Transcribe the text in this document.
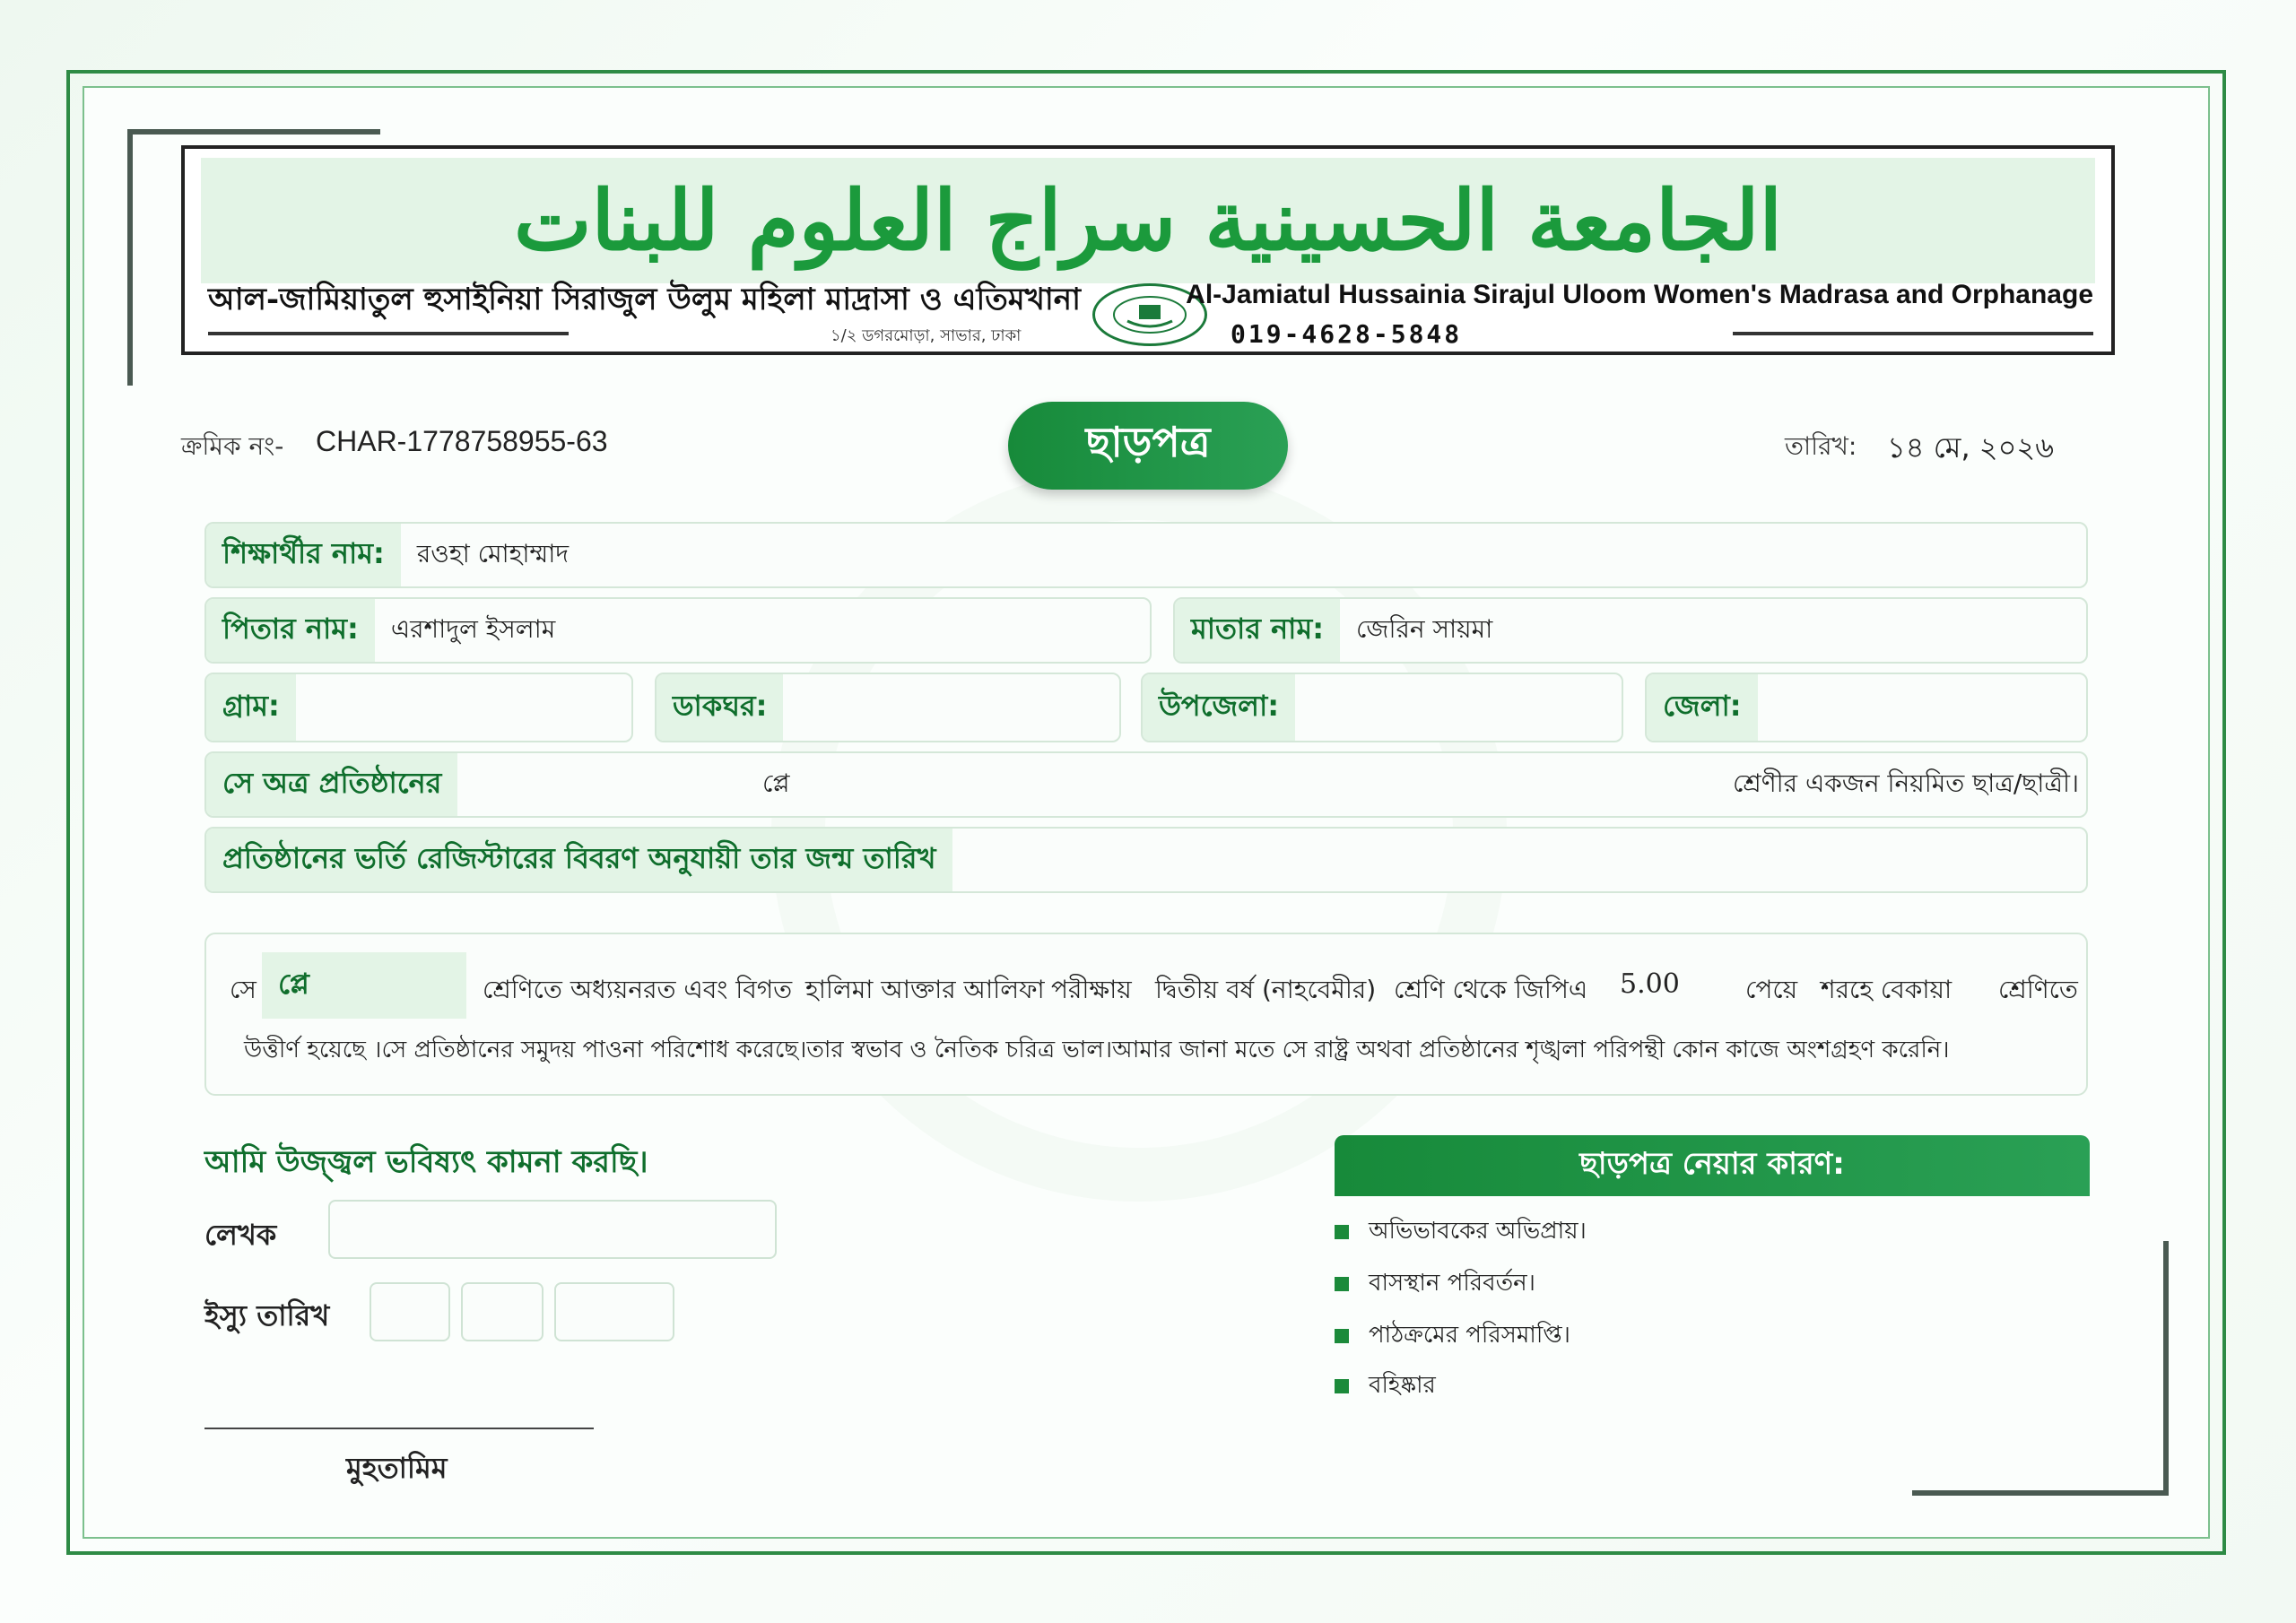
الجامعة الحسينية سراج العلوم للبنات
আল-জামিয়াতুল হুসাইনিয়া সিরাজুল উলুম মহিলা মাদ্রাসা ও এতিমখানা	Al-Jamiatul Hussainia Sirajul Uloom Women's Madrasa and Orphanage
১/২ ডগরমোড়া, সাভার, ঢাকা	019-4628-5848
ক্রমিক নং- CHAR-1778758955-63	ছাড়পত্র	তারিখ: ১৪ মে, ২০২৬
শিক্ষার্থীর নাম:	রওহা মোহাম্মাদ
পিতার নাম:	এরশাদুল ইসলাম	মাতার নাম:	জেরিন সায়মা
গ্রাম:	ডাকঘর:	উপজেলা:	জেলা:
সে অত্র প্রতিষ্ঠানের	প্লে	শ্রেণীর একজন নিয়মিত ছাত্র/ছাত্রী।
প্রতিষ্ঠানের ভর্তি রেজিস্টারের বিবরণ অনুযায়ী তার জন্ম তারিখ
সে প্লে	শ্রেণিতে অধ্যয়নরত এবং বিগত হালিমা আক্তার আলিফা পরীক্ষায় দ্বিতীয় বর্ষ (নাহবেমীর) শ্রেণি থেকে জিপিএ 5.00	পেয়ে শরহে বেকায়া শ্রেণিতে
উত্তীর্ণ হয়েছে ।সে প্রতিষ্ঠানের সমুদয় পাওনা পরিশোধ করেছে।তার স্বভাব ও নৈতিক চরিত্র ভাল।আমার জানা মতে সে রাষ্ট্র অথবা প্রতিষ্ঠানের শৃঙ্খলা পরিপন্থী কোন কাজে অংশগ্রহণ করেনি।
আমি উজ্জ্বল ভবিষ্যৎ কামনা করছি।
লেখক
ইস্যু তারিখ
মুহতামিম
ছাড়পত্র নেয়ার কারণ:
অভিভাবকের অভিপ্রায়।
বাসস্থান পরিবর্তন।
পাঠক্রমের পরিসমাপ্তি।
বহিষ্কার
